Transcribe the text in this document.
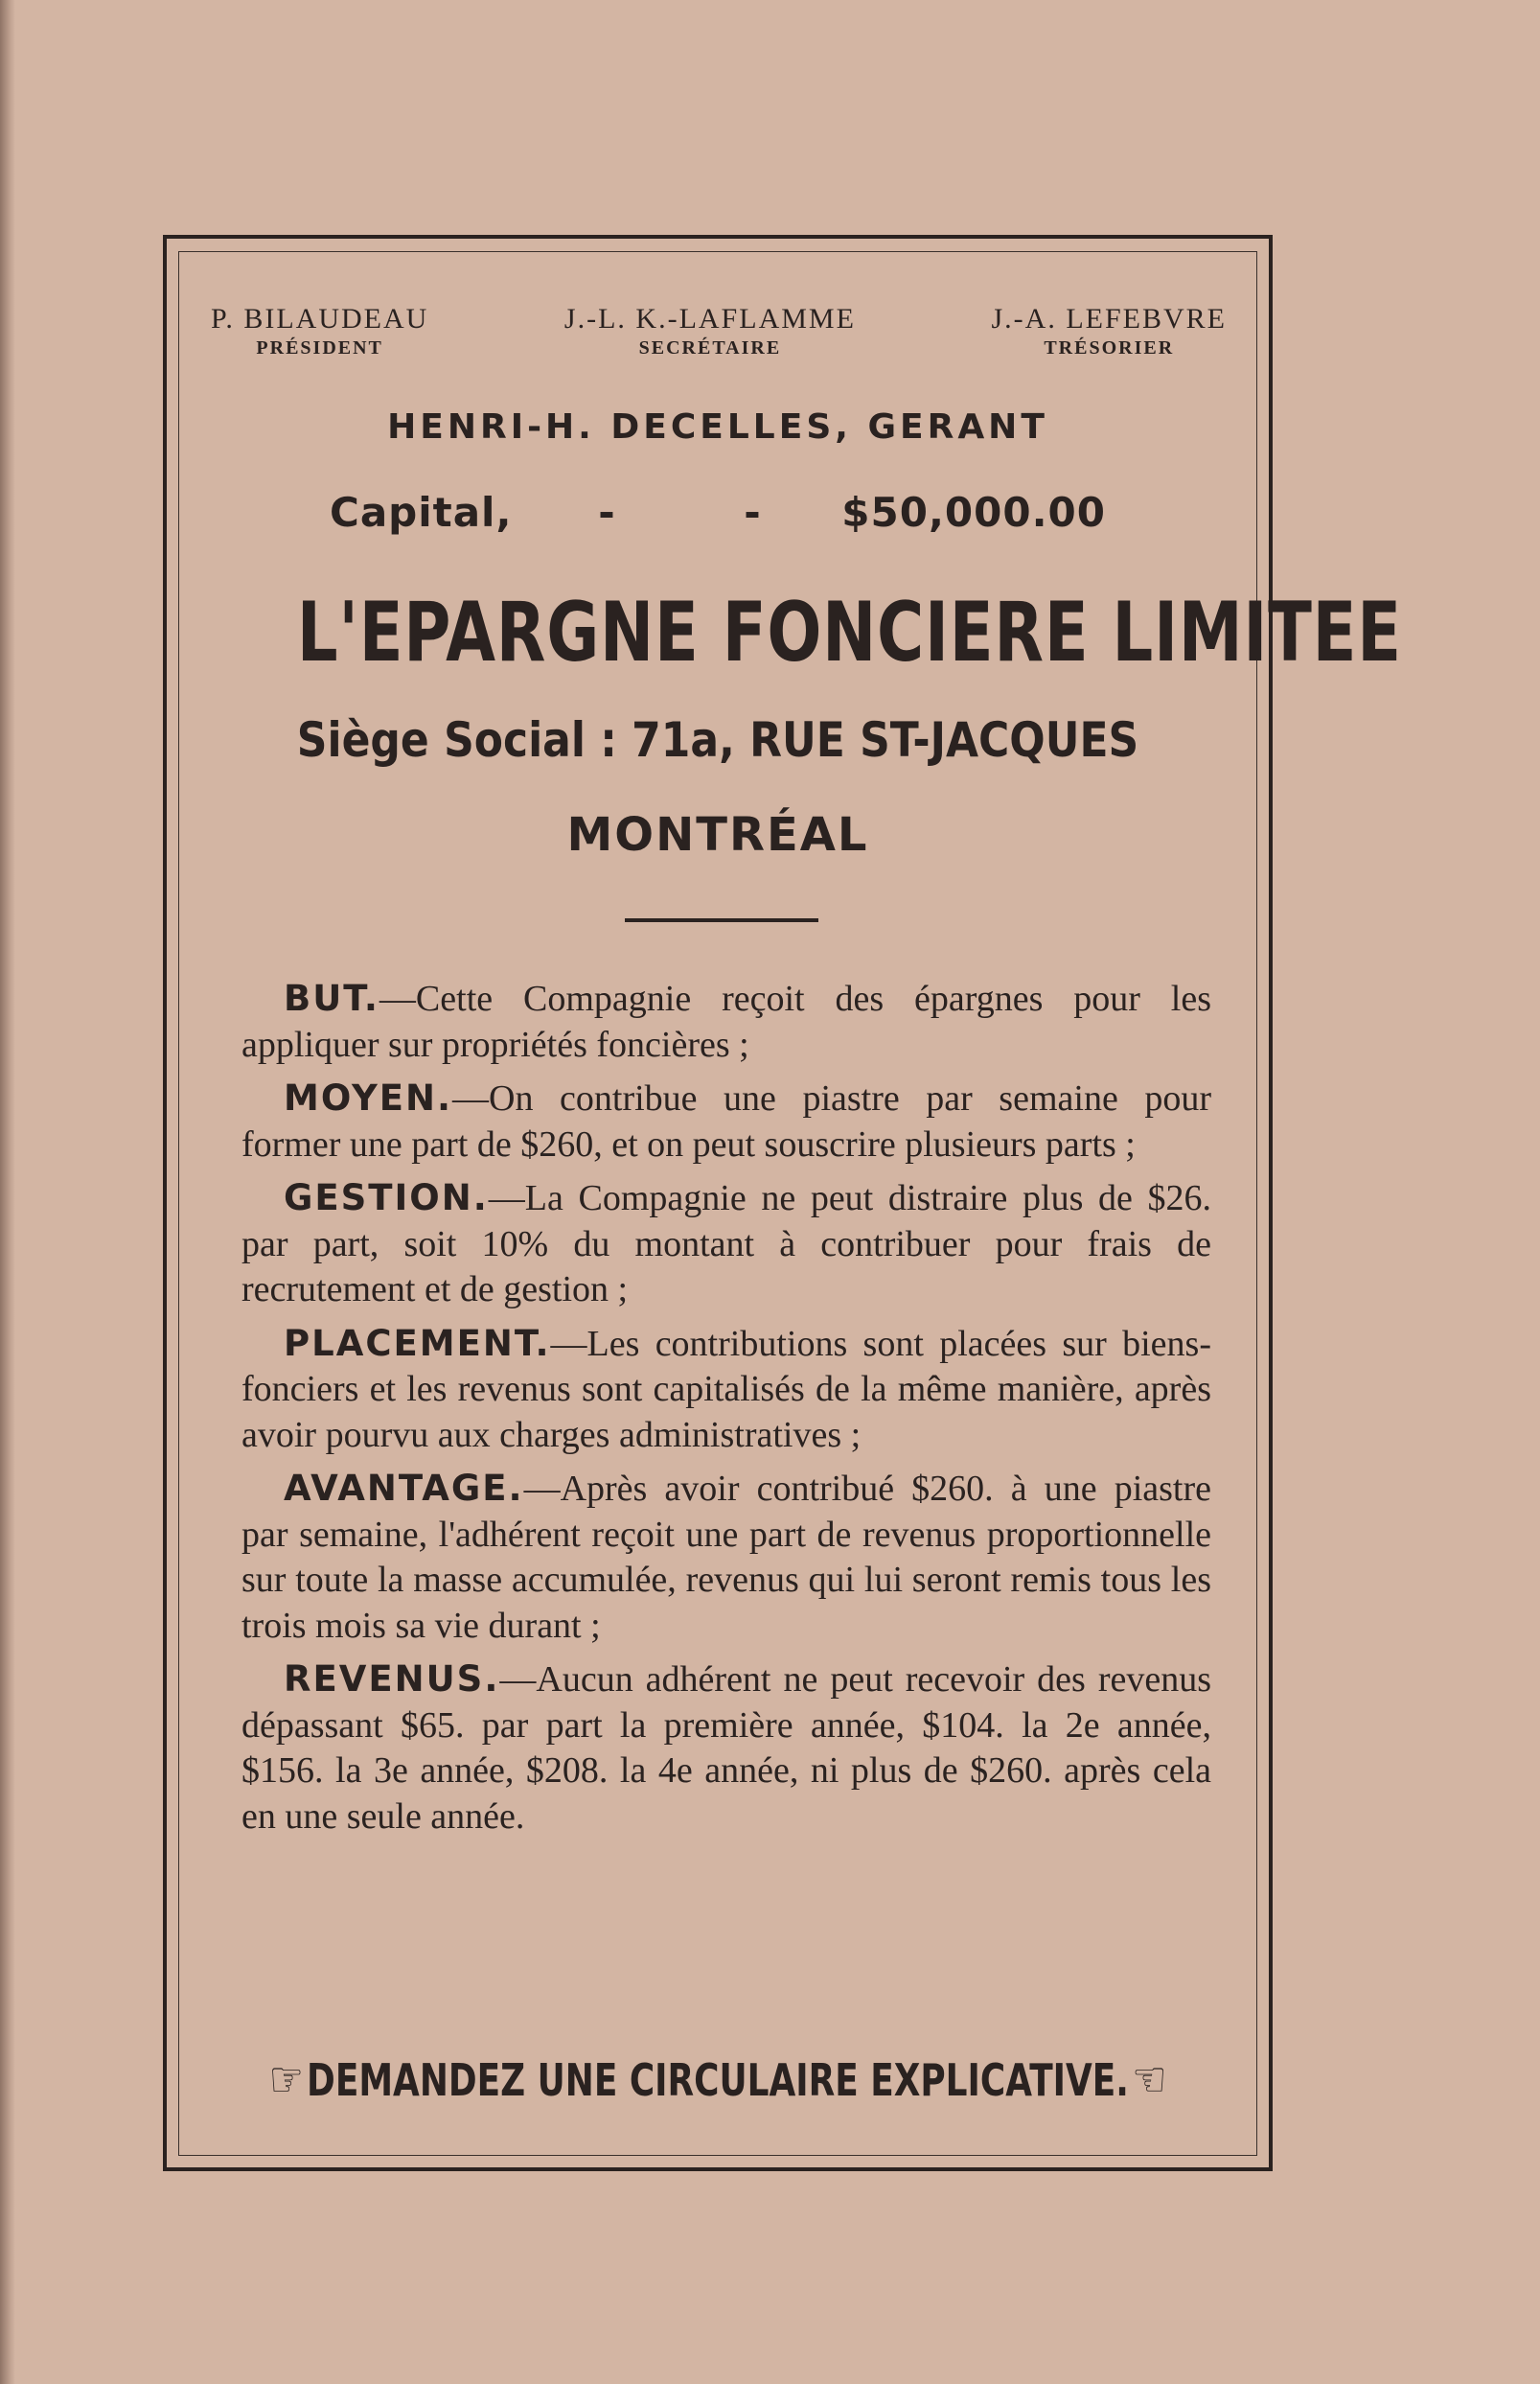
P. BILAUDEAU
PRÉSIDENT
J.-L. K.-LAFLAMME
SECRÉTAIRE
J.-A. LEFEBVRE
TRÉSORIER
HENRI-H. DECELLES, GERANT
Capital,	- - $50,000.00
L'EPARGNE FONCIERE LIMITEE
Siège Social : 71a, RUE ST-JACQUES
MONTRÉAL

BUT.—Cette Compagnie reçoit des épargnes pour les appliquer sur propriétés foncières ;

MOYEN.—On contribue une piastre par semaine pour former une part de $260, et on peut souscrire plusieurs parts ;

GESTION.—La Compagnie ne peut distraire plus de $26. par part, soit 10% du montant à contribuer pour frais de recrutement et de gestion ;

PLACEMENT.—Les contributions sont placées sur biens-fonciers et les revenus sont capitalisés de la même manière, après avoir pourvu aux charges administratives ;

AVANTAGE.—Après avoir contribué $260. à une piastre par semaine, l'adhérent reçoit une part de revenus proportionnelle sur toute la masse accumulée, revenus qui lui seront remis tous les trois mois sa vie durant ;

REVENUS.—Aucun adhérent ne peut recevoir des revenus dépassant $65. par part la première année, $104. la 2e année, $156. la 3e année, $208. la 4e année, ni plus de $260. après cela en une seule année.

☞ DEMANDEZ UNE CIRCULAIRE EXPLICATIVE. ☜
